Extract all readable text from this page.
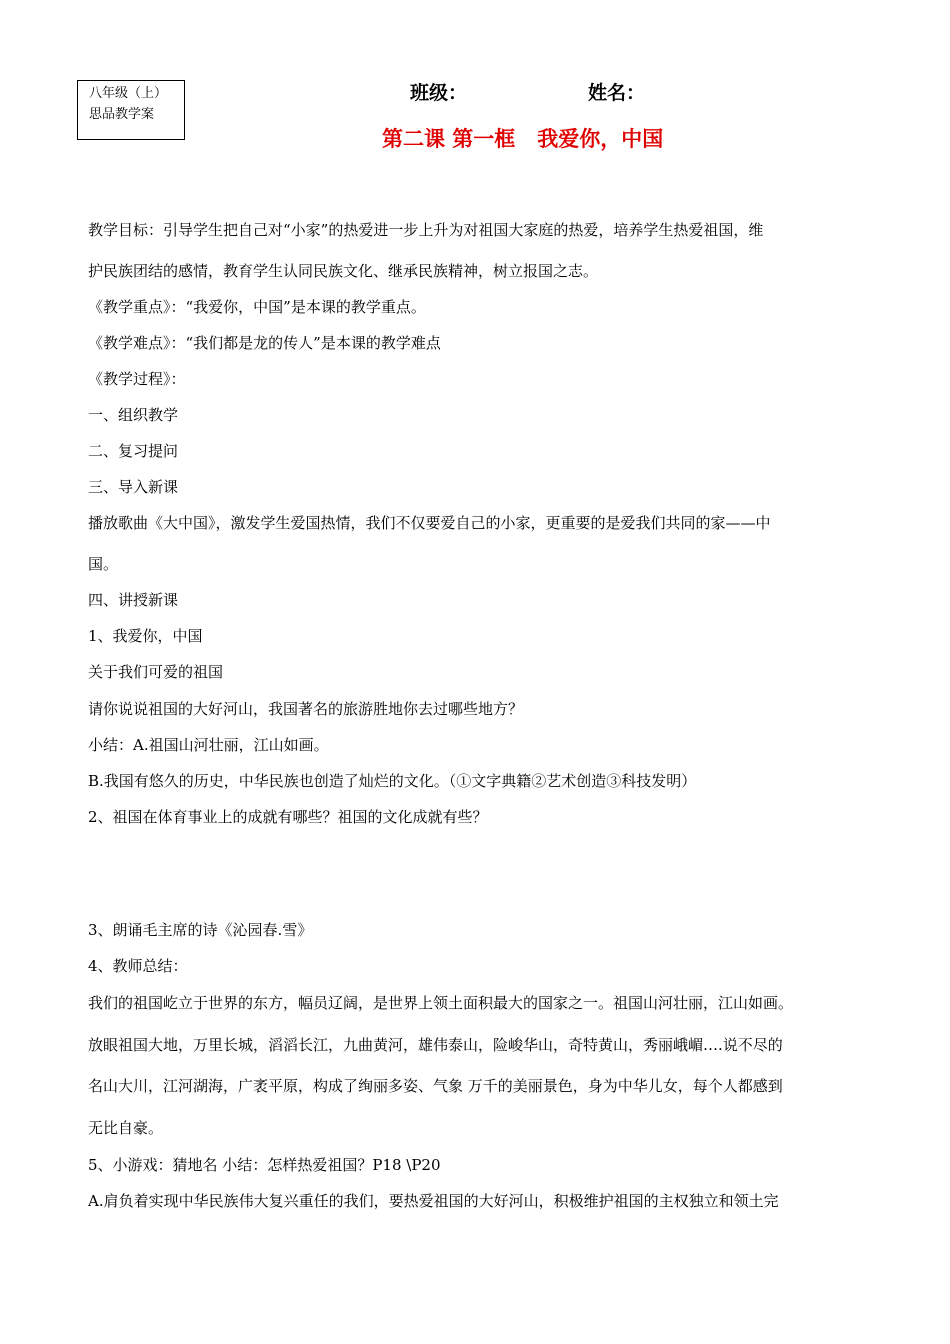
八年级（上）
思品教学案
班级：	姓名：
第二课 第一框   我爱你，中国
教学目标：引导学生把自己对“小家”的热爱进一步上升为对祖国大家庭的热爱，培养学生热爱祖国，维
护民族团结的感情，教育学生认同民族文化、继承民族精神，树立报国之志。
《教学重点》：“我爱你，中国”是本课的教学重点。
《教学难点》：“我们都是龙的传人”是本课的教学难点
《教学过程》：
一、组织教学
二、复习提问
三、导入新课
播放歌曲《大中国》，激发学生爱国热情，我们不仅要爱自己的小家，更重要的是爱我们共同的家——中
国。
四、讲授新课
1、我爱你，中国
关于我们可爱的祖国
请你说说祖国的大好河山，我国著名的旅游胜地你去过哪些地方？
小结：A.祖国山河壮丽，江山如画。
B.我国有悠久的历史，中华民族也创造了灿烂的文化。（①文字典籍②艺术创造③科技发明）
2、祖国在体育事业上的成就有哪些？祖国的文化成就有些？
3、朗诵毛主席的诗《沁园春.雪》
4、教师总结：
我们的祖国屹立于世界的东方，幅员辽阔，是世界上领土面积最大的国家之一。祖国山河壮丽，江山如画。
放眼祖国大地，万里长城，滔滔长江，九曲黄河，雄伟泰山，险峻华山，奇特黄山，秀丽峨嵋….说不尽的
名山大川，江河湖海，广袤平原，构成了绚丽多姿、气象 万千的美丽景色，身为中华儿女，每个人都感到
无比自豪。
5、小游戏：猜地名 小结：怎样热爱祖国？P18 \P20
A.肩负着实现中华民族伟大复兴重任的我们，要热爱祖国的大好河山，积极维护祖国的主权独立和领土完
